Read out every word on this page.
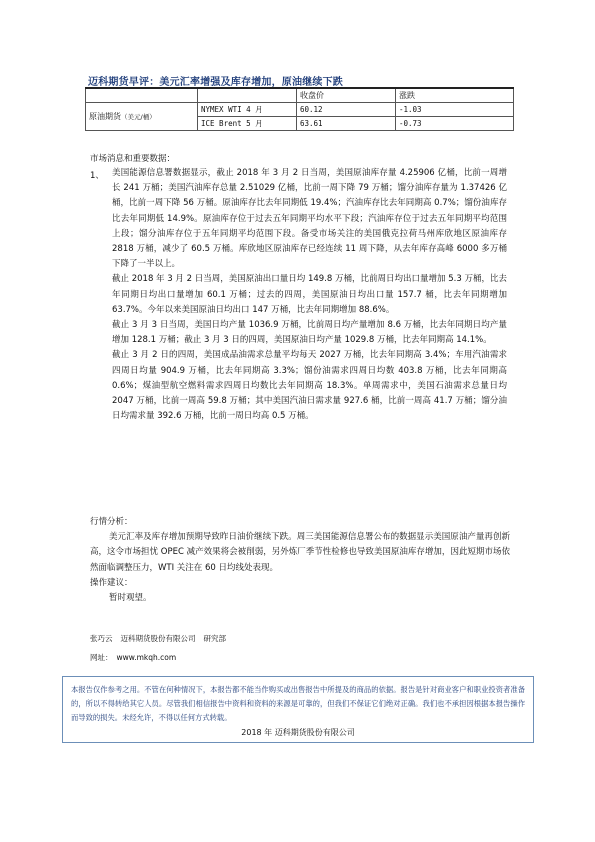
迈科期货早评：美元汇率增强及库存增加，原油继续下跌
		收盘价	涨跌
原油期货（美元/桶）	NYMEX WTI 4 月	60.12	-1.03
	ICE Brent 5 月	63.61	-0.73
市场消息和重要数据：
1、 美国能源信息署数据显示，截止 2018 年 3 月 2 日当周，美国原油库存量 4.25906 亿桶，比前一周增长 241 万桶；美国汽油库存总量 2.51029 亿桶，比前一周下降 79 万桶；馏分油库存量为 1.37426 亿桶，比前一周下降 56 万桶。原油库存比去年同期低 19.4%；汽油库存比去年同期高 0.7%；馏份油库存比去年同期低 14.9%。原油库存位于过去五年同期平均水平下段；汽油库存位于过去五年同期平均范围上段；馏分油库存位于五年同期平均范围下段。备受市场关注的美国俄克拉荷马州库欣地区原油库存 2818 万桶，减少了 60.5 万桶。库欣地区原油库存已经连续 11 周下降，从去年库存高峰 6000 多万桶下降了一半以上。

截止 2018 年 3 月 2 日当周，美国原油出口量日均 149.8 万桶，比前周日均出口量增加 5.3 万桶，比去年同期日均出口量增加 60.1 万桶；过去的四周，美国原油日均出口量 157.7 桶，比去年同期增加 63.7%。今年以来美国原油日均出口 147 万桶，比去年同期增加 88.6%。

截止 3 月 3 日当周，美国日均产量 1036.9 万桶，比前周日均产量增加 8.6 万桶，比去年同期日均产量增加 128.1 万桶；截止 3 月 3 日的四周，美国原油日均产量 1029.8 万桶，比去年同期高 14.1%。

截止 3 月 2 日的四周，美国成品油需求总量平均每天 2027 万桶，比去年同期高 3.4%；车用汽油需求四周日均量 904.9 万桶，比去年同期高 3.3%；馏份油需求四周日均数 403.8 万桶，比去年同期高 0.6%；煤油型航空燃料需求四周日均数比去年同期高 18.3%。单周需求中，美国石油需求总量日均 2047 万桶，比前一周高 59.8 万桶；其中美国汽油日需求量 927.6 桶，比前一周高 41.7 万桶；馏分油日均需求量 392.6 万桶，比前一周日均高 0.5 万桶。

行情分析：

美元汇率及库存增加预期导致昨日油价继续下跌。周三美国能源信息署公布的数据显示美国原油产量再创新高，这令市场担忧 OPEC 减产效果将会被削弱，另外炼厂季节性检修也导致美国原油库存增加，因此短期市场依然面临调整压力，WTI 关注在 60 日均线处表现。

操作建议：

暂时观望。

张巧云 迈科期货股份有限公司 研究部
网址： www.mkqh.com
本报告仅作参考之用。不管在何种情况下，本报告都不能当作购买或出售报告中所提及的商品的依据。报告是针对商业客户和职业投资者准备的，所以不得转给其它人员。尽管我们相信报告中资料和资料的来源是可靠的，但我们不保证它们绝对正确。我们也不承担因根据本报告操作而导致的损失。未经允许，不得以任何方式转载。
2018 年 迈科期货股份有限公司
